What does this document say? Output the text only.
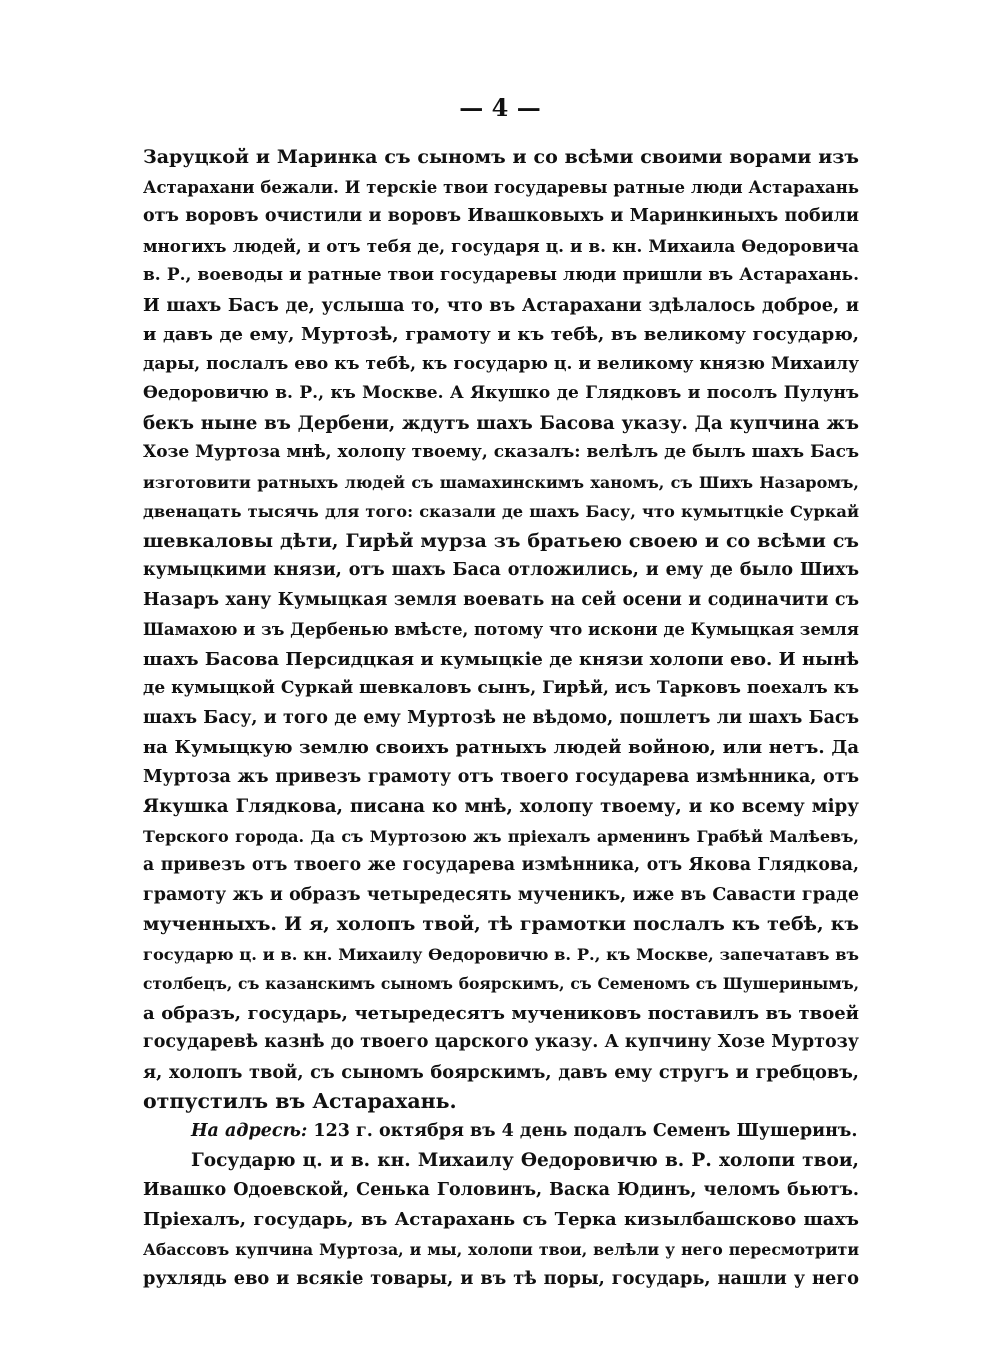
— 4 —
Заруцкой и Маринка съ сыномъ и со всѣми своими ворами изъ
Астарахани бежали. И терскіе твои государевы ратные люди Астарахань
отъ воровъ очистили и воровъ Ивашковыхъ и Маринкиныхъ побили
многихъ людей, и отъ тебя де, государя ц. и в. кн. Михаила Ѳедоровича
в. Р., воеводы и ратные твои государевы люди пришли въ Астарахань.
И шахъ Басъ де, услыша то, что въ Астарахани здѣлалось доброе, и
и давъ де ему, Муртозѣ, грамоту и къ тебѣ, въ великому государю,
дары, послалъ ево къ тебѣ, къ государю ц. и великому князю Михаилу
Ѳедоровичю в. Р., къ Москве. А Якушко де Глядковъ и посолъ Пулунъ
бекъ ныне въ Дербени, ждутъ шахъ Басова указу. Да купчина жъ
Хозе Муртоза мнѣ, холопу твоему, сказалъ: велѣлъ де былъ шахъ Басъ
изготовити ратныхъ людей съ шамахинскимъ ханомъ, съ Шихъ Назаромъ,
двенацать тысячь для того: сказали де шахъ Басу, что кумытцкіе Суркай
шевкаловы дѣти, Гирѣй мурза зъ братьею своею и со всѣми съ
кумыцкими князи, отъ шахъ Баса отложились, и ему де было Шихъ
Назаръ хану Кумыцкая земля воевать на сей осени и содиначити съ
Шамахою и зъ Дербенью вмѣсте, потому что искони де Кумыцкая земля
шахъ Басова Персидцкая и кумыцкіе де князи холопи ево. И нынѣ
де кумыцкой Суркай шевкаловъ сынъ, Гирѣй, исъ Тарковъ поехалъ къ
шахъ Басу, и того де ему Муртозѣ не вѣдомо, пошлетъ ли шахъ Басъ
на Кумыцкую землю своихъ ратныхъ людей войною, или нетъ. Да
Муртоза жъ привезъ грамоту отъ твоего государева измѣнника, отъ
Якушка Глядкова, писана ко мнѣ, холопу твоему, и ко всему міру
Терского города. Да съ Муртозою жъ пріехалъ арменинъ Грабѣй Малѣевъ,
а привезъ отъ твоего же государева измѣнника, отъ Якова Глядкова,
грамоту жъ и образъ четыредесять мученикъ, иже въ Савасти граде
мученныхъ. И я, холопъ твой, тѣ грамотки послалъ къ тебѣ, къ
государю ц. и в. кн. Михаилу Ѳедоровичю в. Р., къ Москве, запечатавъ въ
столбецъ, съ казанскимъ сыномъ боярскимъ, съ Семеномъ съ Шушеринымъ,
а образъ, государь, четыредесятъ мучениковъ поставилъ въ твоей
государевѣ казнѣ до твоего царского указу. А купчину Хозе Муртозу
я, холопъ твой, съ сыномъ боярскимъ, давъ ему стругъ и гребцовъ,
отпустилъ въ Астарахань.
На адресѣ: 123 г. октября въ 4 день подалъ Семенъ Шушеринъ.
Государю ц. и в. кн. Михаилу Ѳедоровичю в. Р. холопи твои,
Ивашко Одоевской, Сенька Головинъ, Васка Юдинъ, челомъ бьютъ.
Пріехалъ, государь, въ Астарахань съ Терка кизылбашсково шахъ
Абассовъ купчина Муртоза, и мы, холопи твои, велѣли у него пересмотрити
рухлядь ево и всякіе товары, и въ тѣ поры, государь, нашли у него
